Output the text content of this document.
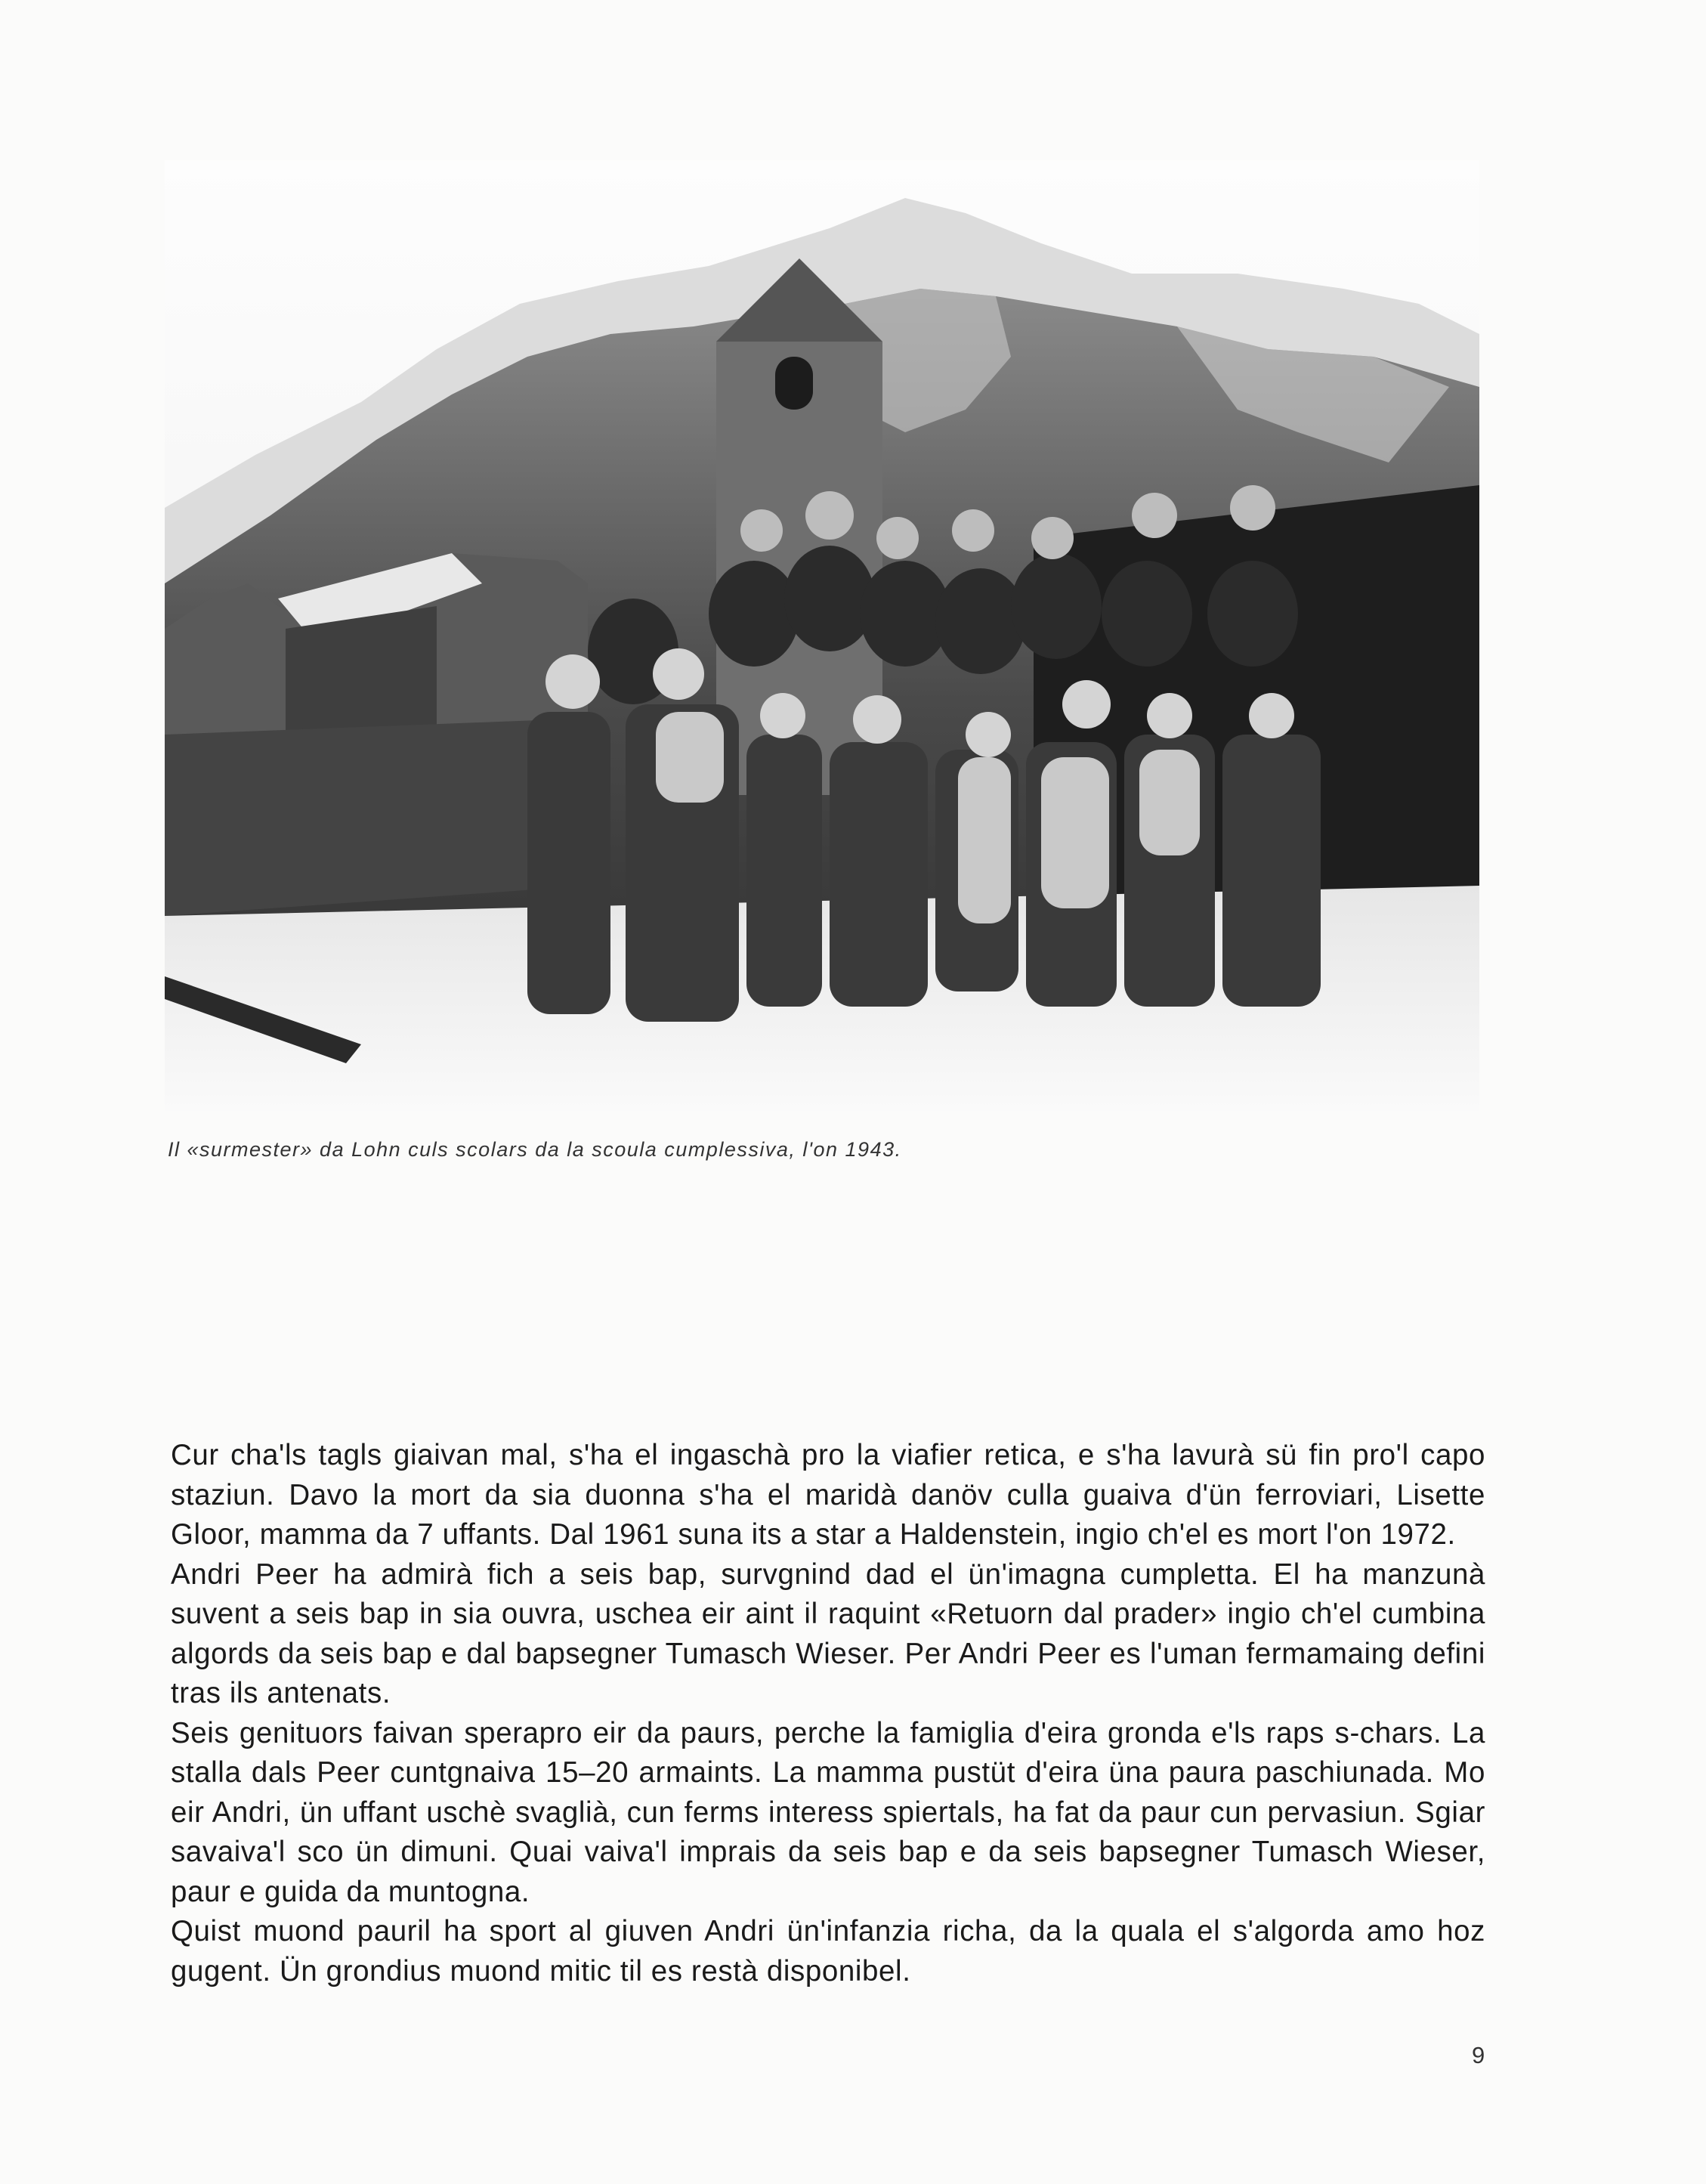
Il «surmester» da Lohn culs scolars da la scoula cumplessiva, l'on 1943.

Cur cha'ls tagls giaivan mal, s'ha el ingaschà pro la viafier retica, e s'ha lavurà sü fin pro'l capo staziun. Davo la mort da sia duonna s'ha el maridà danöv culla guaiva d'ün ferroviari, Lisette Gloor, mamma da 7 uffants. Dal 1961 suna its a star a Haldenstein, ingio ch'el es mort l'on 1972.

Andri Peer ha admirà fich a seis bap, survgnind dad el ün'imagna cumpletta. El ha manzunà suvent a seis bap in sia ouvra, uschea eir aint il raquint «Retuorn dal prader» ingio ch'el cumbina algords da seis bap e dal bapsegner Tumasch Wieser. Per Andri Peer es l'uman fermamaing defini tras ils antenats.

Seis genituors faivan sperapro eir da paurs, perche la famiglia d'eira gronda e'ls raps s-chars. La stalla dals Peer cuntgnaiva 15–20 armaints. La mamma pustüt d'eira üna paura paschiunada. Mo eir Andri, ün uffant uschè svaglià, cun ferms interess spiertals, ha fat da paur cun pervasiun. Sgiar savaiva'l sco ün dimuni. Quai vaiva'l imprais da seis bap e da seis bapsegner Tumasch Wieser, paur e guida da muntogna.

Quist muond pauril ha sport al giuven Andri ün'infanzia richa, da la quala el s'algorda amo hoz gugent. Ün grondius muond mitic til es restà disponibel.

9
